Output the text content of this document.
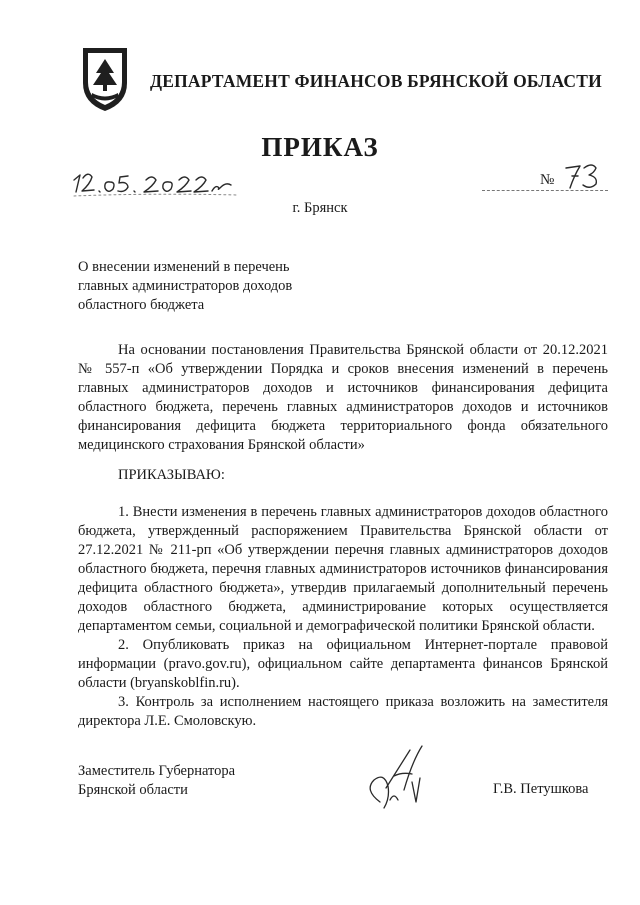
ДЕПАРТАМЕНТ ФИНАНСОВ БРЯНСКОЙ ОБЛАСТИ
ПРИКАЗ
№
г. Брянск
О внесении изменений в перечень
главных администраторов доходов
областного бюджета

На основании постановления Правительства Брянской области от 20.12.2021 № 557-п «Об утверждении Порядка и сроков внесения изменений в перечень главных администраторов доходов и источников финансирования дефицита областного бюджета, перечень главных администраторов доходов и источников финансирования дефицита бюджета территориального фонда обязательного медицинского страхования Брянской области»

ПРИКАЗЫВАЮ:

1. Внести изменения в перечень главных администраторов доходов областного бюджета, утвержденный распоряжением Правительства Брянской области от 27.12.2021 № 211-рп «Об утверждении перечня главных администраторов доходов областного бюджета, перечня главных администраторов источников финансирования дефицита областного бюджета», утвердив прилагаемый дополнительный перечень доходов областного бюджета, администрирование которых осуществляется департаментом семьи, социальной и демографической политики Брянской области.

2. Опубликовать приказ на официальном Интернет-портале правовой информации (pravo.gov.ru), официальном сайте департамента финансов Брянской области (bryanskoblfin.ru).

3. Контроль за исполнением настоящего приказа возложить на заместителя директора Л.Е. Смоловскую.

Заместитель Губернатора
Брянской области	Г.В. Петушкова
